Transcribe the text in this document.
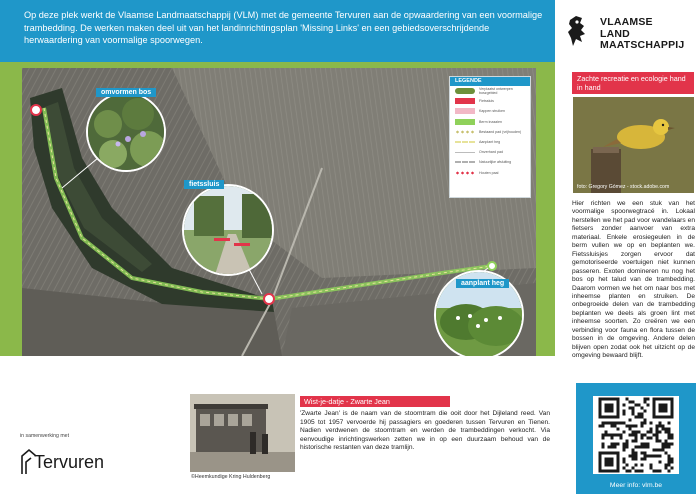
Op deze plek werkt de Vlaamse Landmaatschappij (VLM) met de gemeente Tervuren aan de opwaardering van een voormalige trambedding. De werken maken deel uit van het landinrichtingsplan 'Missing Links' en een gebiedsoverschrijdende herwaardering van voormalige spoorwegen.

VLAAMSE
LAND
MAATSCHAPPIJ
LEGENDE
Verplaatst ontwerpen boszgebied
Fietssluis
Kappen struiken
Berm inzaaien
Bestaand pad (vrijhouden)
Aanplant heg
Onverhard pad
Natuurlijke afsluiting
Houten paal
omvormen bos
fietssluis
aanplant heg
Zachte recreatie en ecologie hand in hand
foto: Gregory Gómez - stock.adobe.com

Hier richten we een stuk van het voormalige spoorwegtracé in. Lokaal herstellen we het pad voor wandelaars en fietsers zonder aanvoer van extra materiaal. Enkele erosiegeulen in de berm vullen we op en beplanten we. Fietssluisjes zorgen ervoor dat gemotoriseerde voertuigen niet kunnen passeren. Exoten domineren nu nog het bos op het talud van de trambedding. Daarom vormen we het om naar bos met inheemse planten en struiken. De onbegroeide delen van de trambedding beplanten we deels als groen lint met inheemse soorten. Zo creëren we een verbinding voor fauna en flora tussen de bossen in de omgeving. Andere delen blijven open zodat ook het uitzicht op de omgeving bewaard blijft.

in samenwerking met
Tervuren
©Heemkundige Kring Huldenberg
Wist-je-datje - Zwarte Jean

'Zwarte Jean' is de naam van de stoomtram die ooit door het Dijleland reed. Van 1905 tot 1957 vervoerde hij passagiers en goederen tussen Tervuren en Tienen. Nadien verdwenen de stoomtram en werden de trambeddingen verkocht. Via eenvoudige inrichtingswerken zetten we in op een duurzaam behoud van de historische restanten van deze tramlijn.

Meer info: vlm.be
